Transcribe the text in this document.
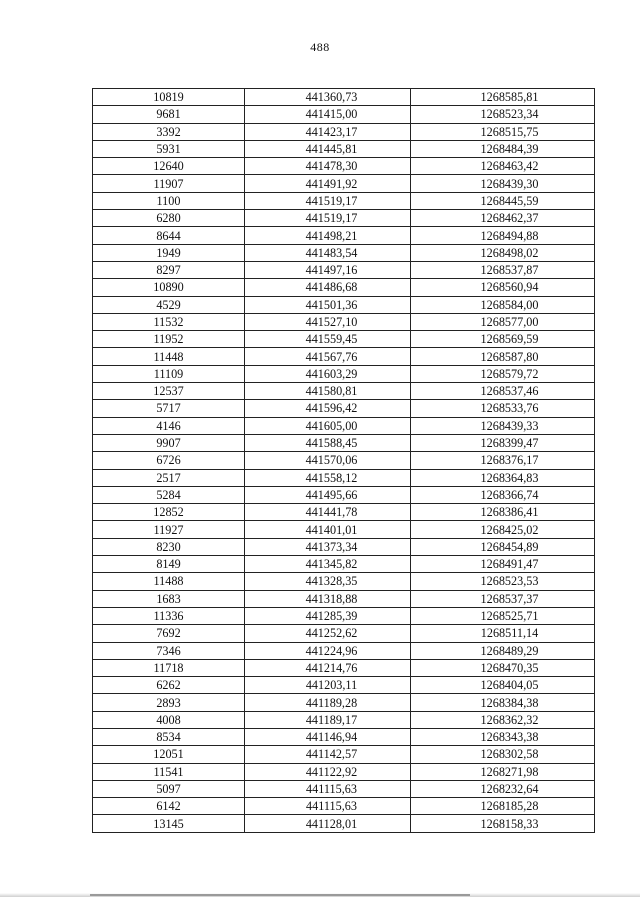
488
10819	441360,73	1268585,81
9681	441415,00	1268523,34
3392	441423,17	1268515,75
5931	441445,81	1268484,39
12640	441478,30	1268463,42
11907	441491,92	1268439,30
1100	441519,17	1268445,59
6280	441519,17	1268462,37
8644	441498,21	1268494,88
1949	441483,54	1268498,02
8297	441497,16	1268537,87
10890	441486,68	1268560,94
4529	441501,36	1268584,00
11532	441527,10	1268577,00
11952	441559,45	1268569,59
11448	441567,76	1268587,80
11109	441603,29	1268579,72
12537	441580,81	1268537,46
5717	441596,42	1268533,76
4146	441605,00	1268439,33
9907	441588,45	1268399,47
6726	441570,06	1268376,17
2517	441558,12	1268364,83
5284	441495,66	1268366,74
12852	441441,78	1268386,41
11927	441401,01	1268425,02
8230	441373,34	1268454,89
8149	441345,82	1268491,47
11488	441328,35	1268523,53
1683	441318,88	1268537,37
11336	441285,39	1268525,71
7692	441252,62	1268511,14
7346	441224,96	1268489,29
11718	441214,76	1268470,35
6262	441203,11	1268404,05
2893	441189,28	1268384,38
4008	441189,17	1268362,32
8534	441146,94	1268343,38
12051	441142,57	1268302,58
11541	441122,92	1268271,98
5097	441115,63	1268232,64
6142	441115,63	1268185,28
13145	441128,01	1268158,33
